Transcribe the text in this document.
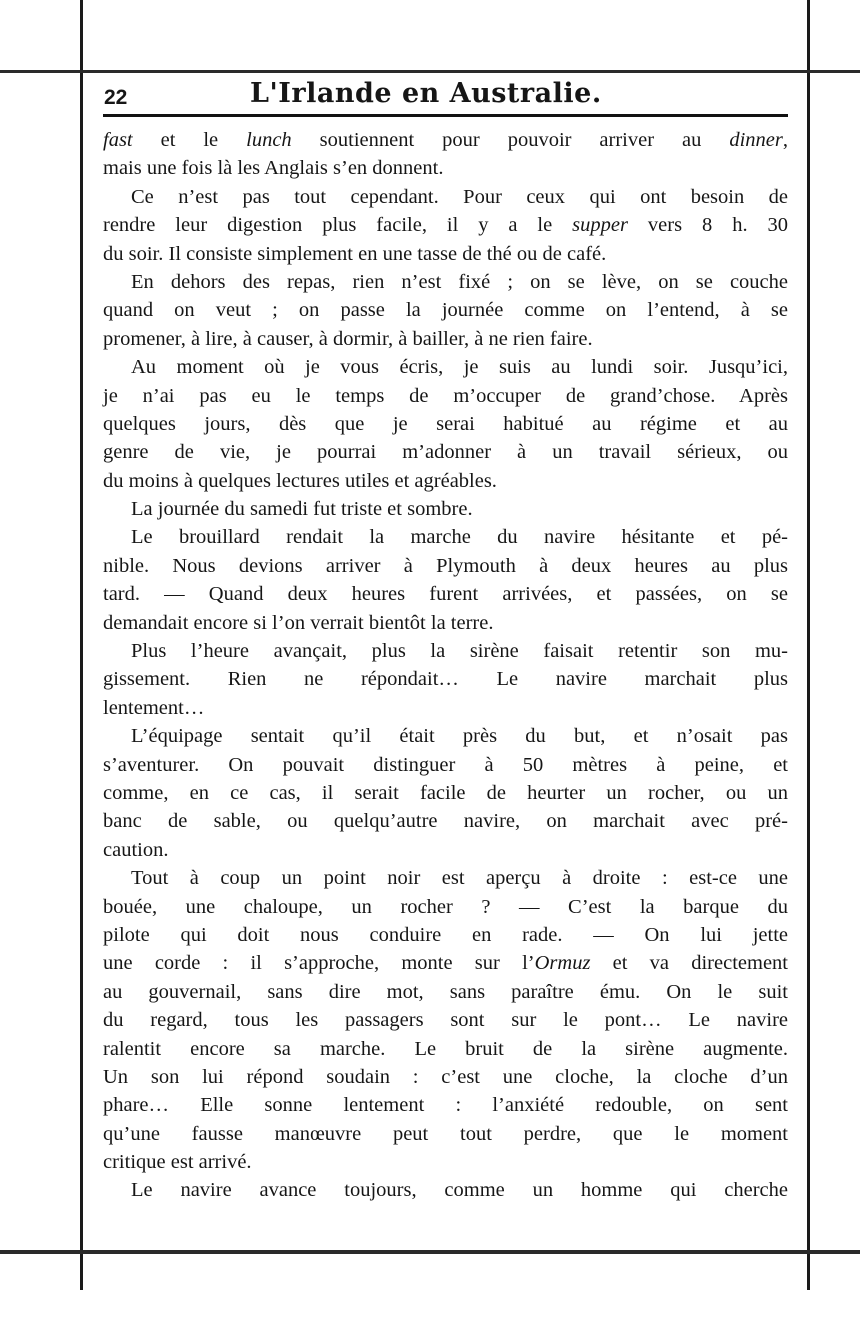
22	L'Irlande en Australie.
fast et le lunch soutiennent pour pouvoir arriver au dinner,
mais une fois là les Anglais s’en donnent.
Ce n’est pas tout cependant. Pour ceux qui ont besoin de
rendre leur digestion plus facile, il y a le supper vers 8 h. 30
du soir. Il consiste simplement en une tasse de thé ou de café.
En dehors des repas, rien n’est fixé ; on se lève, on se couche
quand on veut ; on passe la journée comme on l’entend, à se
promener, à lire, à causer, à dormir, à bailler, à ne rien faire.
Au moment où je vous écris, je suis au lundi soir. Jusqu’ici,
je n’ai pas eu le temps de m’occuper de grand’chose. Après
quelques jours, dès que je serai habitué au régime et au
genre de vie, je pourrai m’adonner à un travail sérieux, ou
du moins à quelques lectures utiles et agréables.
La journée du samedi fut triste et sombre.
Le brouillard rendait la marche du navire hésitante et pé-
nible. Nous devions arriver à Plymouth à deux heures au plus
tard. — Quand deux heures furent arrivées, et passées, on se
demandait encore si l’on verrait bientôt la terre.
Plus l’heure avançait, plus la sirène faisait retentir son mu-
gissement. Rien ne répondait… Le navire marchait plus
lentement…
L’équipage sentait qu’il était près du but, et n’osait pas
s’aventurer. On pouvait distinguer à 50 mètres à peine, et
comme, en ce cas, il serait facile de heurter un rocher, ou un
banc de sable, ou quelqu’autre navire, on marchait avec pré-
caution.
Tout à coup un point noir est aperçu à droite : est-ce une
bouée, une chaloupe, un rocher ? — C’est la barque du
pilote qui doit nous conduire en rade. — On lui jette
une corde : il s’approche, monte sur l’Ormuz et va directement
au gouvernail, sans dire mot, sans paraître ému. On le suit
du regard, tous les passagers sont sur le pont… Le navire
ralentit encore sa marche. Le bruit de la sirène augmente.
Un son lui répond soudain : c’est une cloche, la cloche d’un
phare… Elle sonne lentement : l’anxiété redouble, on sent
qu’une fausse manœuvre peut tout perdre, que le moment
critique est arrivé.
Le navire avance toujours, comme un homme qui cherche
